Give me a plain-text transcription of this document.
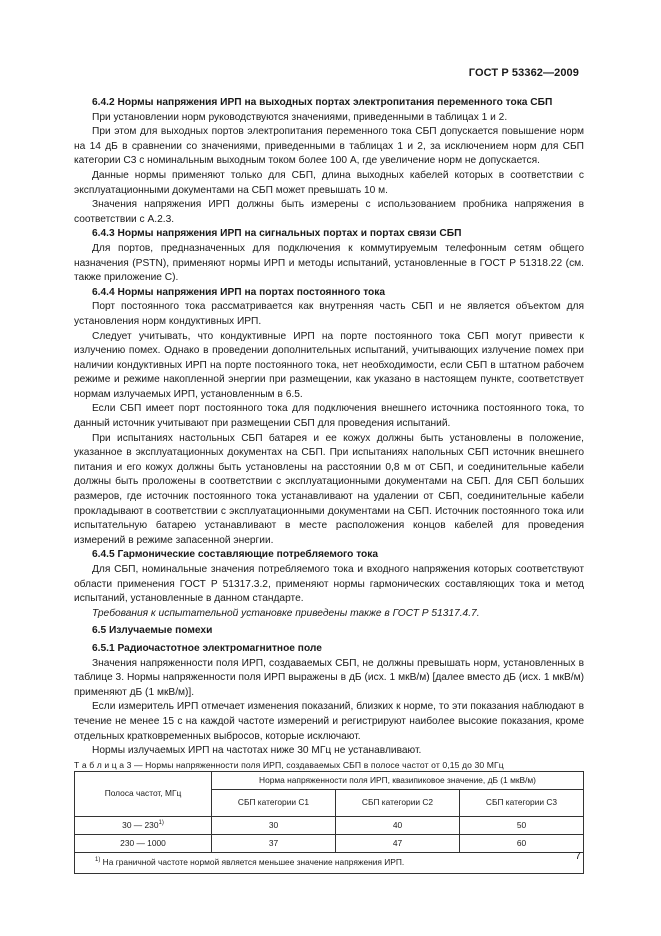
ГОСТ Р 53362—2009
6.4.2 Нормы напряжения ИРП на выходных портах электропитания переменного тока СБП

При установлении норм руководствуются значениями, приведенными в таблицах 1 и 2.

При этом для выходных портов электропитания переменного тока СБП допускается повышение норм на 14 дБ в сравнении со значениями, приведенными в таблицах 1 и 2, за исключением норм для СБП категории С3 с номинальным выходным током более 100 А, где увеличение норм не допускается.

Данные нормы применяют только для СБП, длина выходных кабелей которых в соответствии с эксплуатационными документами на СБП может превышать 10 м.

Значения напряжения ИРП должны быть измерены с использованием пробника напряжения в соответствии с А.2.3.

6.4.3 Нормы напряжения ИРП на сигнальных портах и портах связи СБП

Для портов, предназначенных для подключения к коммутируемым телефонным сетям общего назначения (PSTN), применяют нормы ИРП и методы испытаний, установленные в ГОСТ Р 51318.22 (см. также приложение С).

6.4.4 Нормы напряжения ИРП на портах постоянного тока

Порт постоянного тока рассматривается как внутренняя часть СБП и не является объектом для установления норм кондуктивных ИРП.

Следует учитывать, что кондуктивные ИРП на порте постоянного тока СБП могут привести к излучению помех. Однако в проведении дополнительных испытаний, учитывающих излучение помех при наличии кондуктивных ИРП на порте постоянного тока, нет необходимости, если СБП в штатном рабочем режиме и режиме накопленной энергии при размещении, как указано в настоящем пункте, соответствует нормам излучаемых ИРП, установленным в 6.5.

Если СБП имеет порт постоянного тока для подключения внешнего источника постоянного тока, то данный источник учитывают при размещении СБП для проведения испытаний.

При испытаниях настольных СБП батарея и ее кожух должны быть установлены в положение, указанное в эксплуатационных документах на СБП. При испытаниях напольных СБП источник внешнего питания и его кожух должны быть установлены на расстоянии 0,8 м от СБП, и соединительные кабели должны быть проложены в соответствии с эксплуатационными документами на СБП. Для СБП больших размеров, где источник постоянного тока устанавливают на удалении от СБП, соединительные кабели прокладывают в соответствии с эксплуатационными документами на СБП. Источник постоянного тока или испытательную батарею устанавливают в месте расположения концов кабелей для проведения измерений в режиме запасенной энергии.

6.4.5 Гармонические составляющие потребляемого тока

Для СБП, номинальные значения потребляемого тока и входного напряжения которых соответствуют области применения ГОСТ Р 51317.3.2, применяют нормы гармонических составляющих тока и метод испытаний, установленные в данном стандарте.

Требования к испытательной установке приведены также в ГОСТ Р 51317.4.7.

6.5 Излучаемые помехи
6.5.1 Радиочастотное электромагнитное поле

Значения напряженности поля ИРП, создаваемых СБП, не должны превышать норм, установленных в таблице 3. Нормы напряженности поля ИРП выражены в дБ (исх. 1 мкВ/м) [далее вместо дБ (исх. 1 мкВ/м) применяют дБ (1 мкВ/м)].

Если измеритель ИРП отмечает изменения показаний, близких к норме, то эти показания наблюдают в течение не менее 15 с на каждой частоте измерений и регистрируют наиболее высокие показания, кроме отдельных кратковременных выбросов, которые исключают.

Нормы излучаемых ИРП на частотах ниже 30 МГц не устанавливают.

Т а б л и ц а 3 — Нормы напряженности поля ИРП, создаваемых СБП в полосе частот от 0,15 до 30 МГц

Полоса частот, МГц	Норма напряженности поля ИРП, квазипиковое значение, дБ (1 мкВ/м)		
	СБП категории С1	СБП категории С2	СБП категории С3
30 — 230$^{1)}$	30	40	50
230 — 1000	37	47	60
$^{1)}$ На граничной частоте нормой является меньшее значение напряжения ИРП.			
7
